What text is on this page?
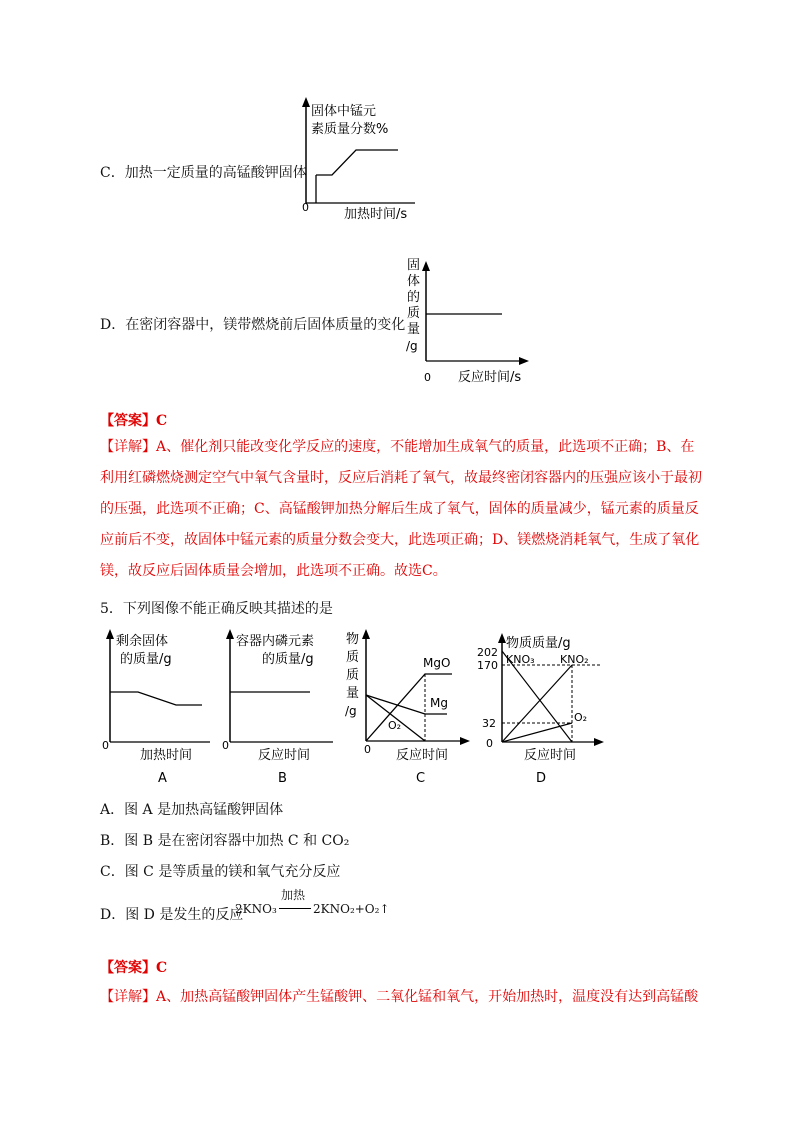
C．加热一定质量的高锰酸钾固体
固体中锰元
素质量分数%
0	加热时间/s
D．在密闭容器中，镁带燃烧前后固体质量的变化
固
体
的
质
量
/g
0 反应时间/s
【答案】C
【详解】A、催化剂只能改变化学反应的速度，不能增加生成氧气的质量，此选项不正确；B、在利用红磷燃烧测定空气中氧气含量时，反应后消耗了氧气，故最终密闭容器内的压强应该小于最初的压强，此选项不正确；C、高锰酸钾加热分解后生成了氧气，固体的质量减少，锰元素的质量反应前后不变，故固体中锰元素的质量分数会变大，此选项正确；D、镁燃烧消耗氧气，生成了氧化镁，故反应后固体质量会增加，此选项不正确。故选C。
5．下列图像不能正确反映其描述的是
剩余固体
的质量/g
0
加热时间
A
容器内磷元素
的质量/g
0
反应时间
B
物
质
质
量
/g
MgO
Mg
O₂
0 反应时间
C
物质质量/g
202
170
32
0
KNO₃ KNO₂
O₂
反应时间
D
A．图 A 是加热高锰酸钾固体
B．图 B 是在密闭容器中加热 C 和 CO₂
C．图 C 是等质量的镁和氧气充分反应
D．图 D 是发生的反应
2KNO₃
加热
2KNO₂+O₂↑
【答案】C
【详解】A、加热高锰酸钾固体产生锰酸钾、二氧化锰和氧气，开始加热时，温度没有达到高锰酸
